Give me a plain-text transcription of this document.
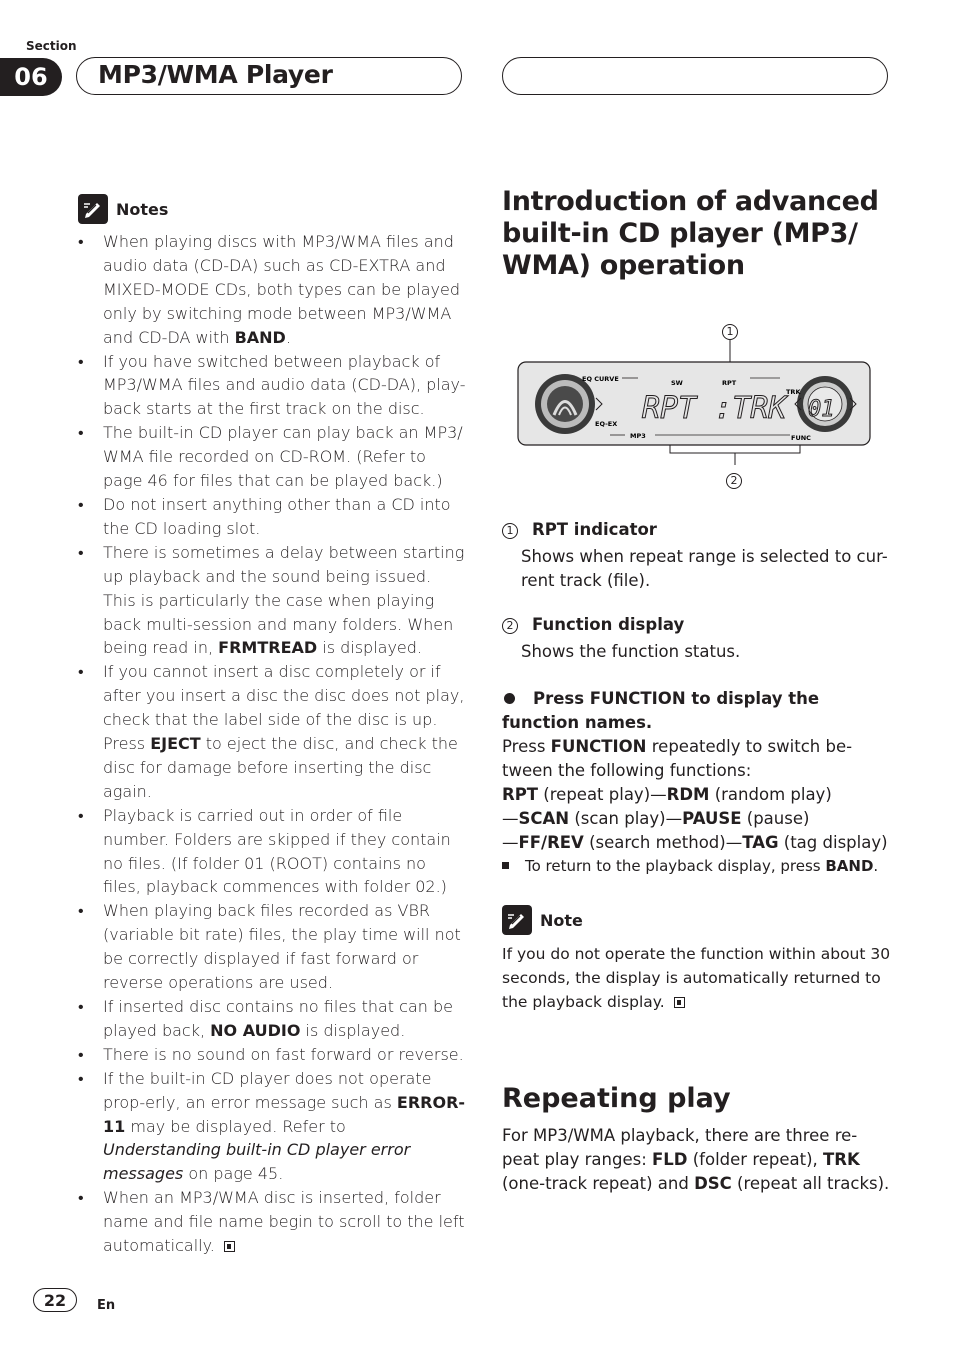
Section
06	MP3/WMA Player
Notes
• When playing discs with MP3/WMA files and audio data (CD-DA) such as CD-EXTRA and MIXED-MODE CDs, both types can be played only by switching mode between MP3/WMA and CD-DA with BAND.
• If you have switched between playback of MP3/WMA files and audio data (CD-DA), play-back starts at the first track on the disc.
• The built-in CD player can play back an MP3/ WMA file recorded on CD-ROM. (Refer to page 46 for files that can be played back.)
• Do not insert anything other than a CD into the CD loading slot.
• There is sometimes a delay between starting up playback and the sound being issued. This is particularly the case when playing back multi-session and many folders. When being read in, FRMTREAD is displayed.
• If you cannot insert a disc completely or if after you insert a disc the disc does not play, check that the label side of the disc is up. Press EJECT to eject the disc, and check the disc for damage before inserting the disc again.
• Playback is carried out in order of file number. Folders are skipped if they contain no files. (If folder 01 (ROOT) contains no files, playback commences with folder 02.)
• When playing back files recorded as VBR (variable bit rate) files, the play time will not be correctly displayed if fast forward or reverse operations are used.
• If inserted disc contains no files that can be played back, NO AUDIO is displayed.
• There is no sound on fast forward or reverse.
• If the built-in CD player does not operate prop-erly, an error message such as ERROR-11 may be displayed. Refer to Understanding built-in CD player error messages on page 45.
• When an MP3/WMA disc is inserted, folder name and file name begin to scroll to the left automatically.
Introduction of advanced built-in CD player (MP3/ WMA) operation
1
2
EQ CURVE
EQ-EX
SW	RPT
MP3
TRK
FUNC
RPT :TRK 01
1 RPT indicator
Shows when repeat range is selected to cur-rent track (file).
2 Function display
Shows the function status.
Press FUNCTION to display the function names.
Press FUNCTION repeatedly to switch be-tween the following functions:
RPT (repeat play)—RDM (random play)
—SCAN (scan play)—PAUSE (pause)
—FF/REV (search method)—TAG (tag display)
To return to the playback display, press BAND.
Note
If you do not operate the function within about 30 seconds, the display is automatically returned to the playback display.
Repeating play
For MP3/WMA playback, there are three re-peat play ranges: FLD (folder repeat), TRK (one-track repeat) and DSC (repeat all tracks).
22	En
